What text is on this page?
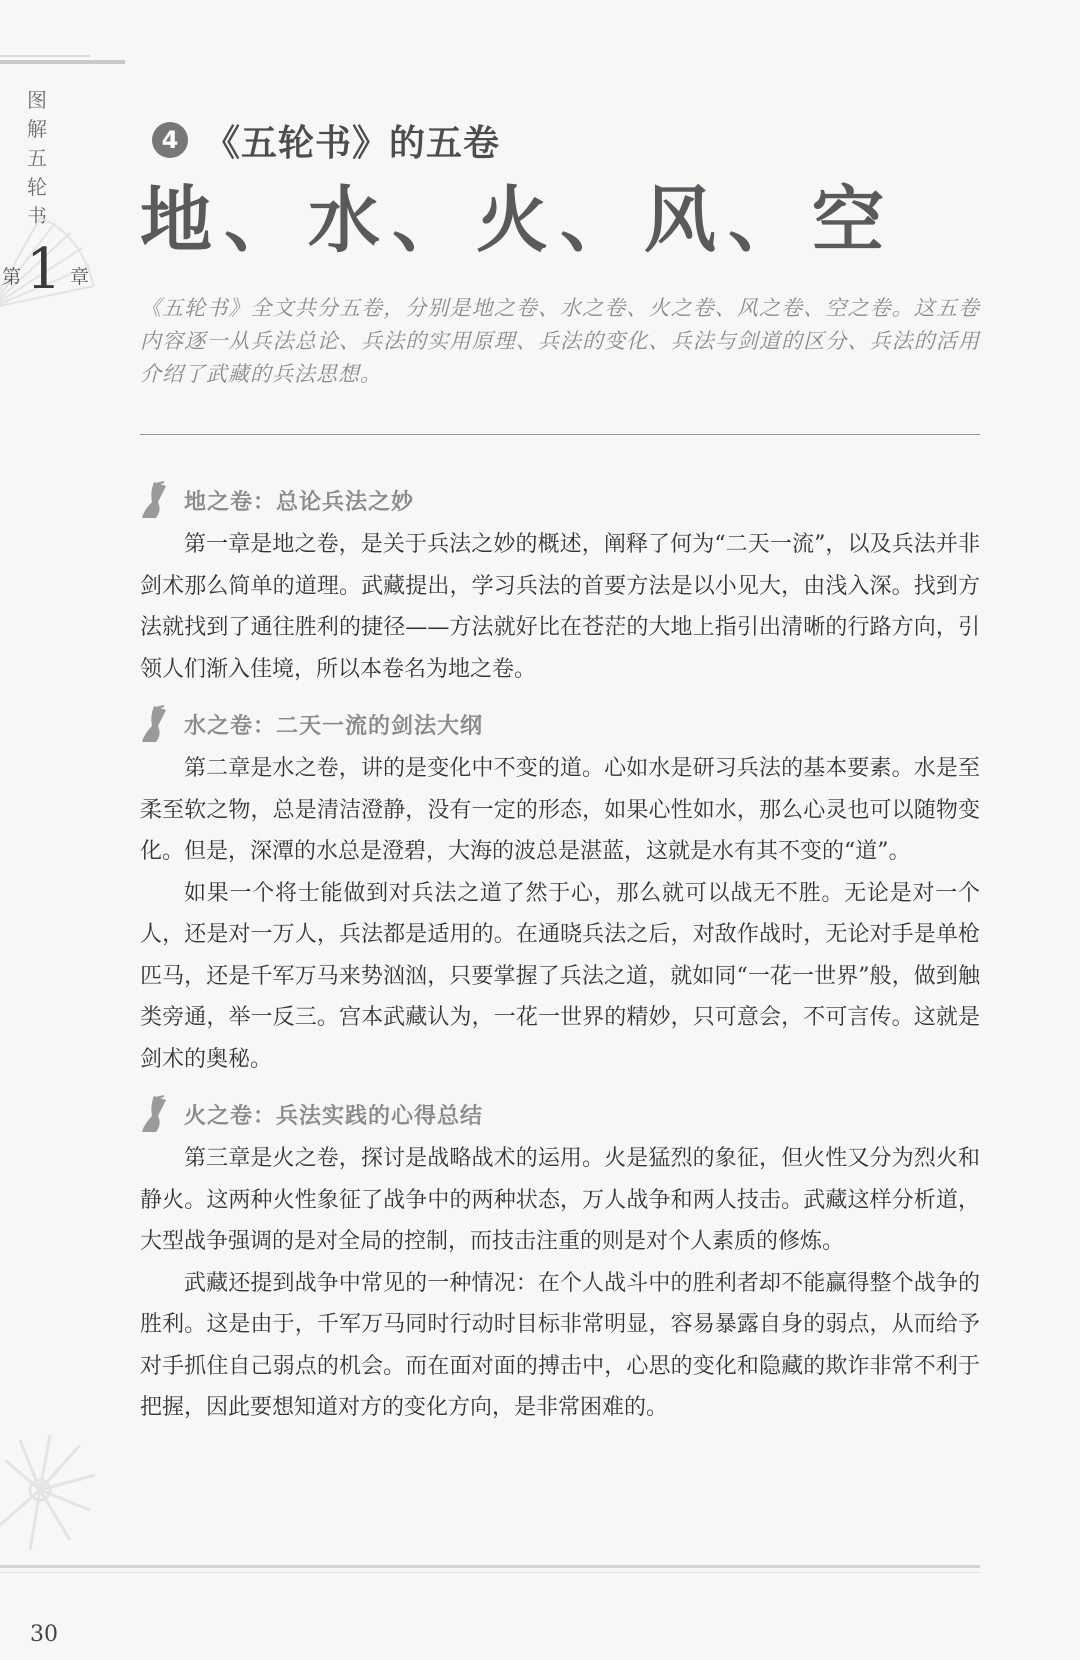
图
解
五
轮
书
第 1 章
4 《五轮书》的五卷
地、水、火、风、空

《五轮书》全文共分五卷，分别是地之卷、水之卷、火之卷、风之卷、空之卷。这五卷内容逐一从兵法总论、兵法的实用原理、兵法的变化、兵法与剑道的区分、兵法的活用介绍了武藏的兵法思想。

地之卷：总论兵法之妙

第一章是地之卷，是关于兵法之妙的概述，阐释了何为“二天一流”，以及兵法并非剑术那么简单的道理。武藏提出，学习兵法的首要方法是以小见大，由浅入深。找到方法就找到了通往胜利的捷径——方法就好比在苍茫的大地上指引出清晰的行路方向，引领人们渐入佳境，所以本卷名为地之卷。

水之卷：二天一流的剑法大纲

第二章是水之卷，讲的是变化中不变的道。心如水是研习兵法的基本要素。水是至柔至软之物，总是清洁澄静，没有一定的形态，如果心性如水，那么心灵也可以随物变化。但是，深潭的水总是澄碧，大海的波总是湛蓝，这就是水有其不变的“道”。

如果一个将士能做到对兵法之道了然于心，那么就可以战无不胜。无论是对一个人，还是对一万人，兵法都是适用的。在通晓兵法之后，对敌作战时，无论对手是单枪匹马，还是千军万马来势汹汹，只要掌握了兵法之道，就如同“一花一世界”般，做到触类旁通，举一反三。宫本武藏认为，一花一世界的精妙，只可意会，不可言传。这就是剑术的奥秘。

火之卷：兵法实践的心得总结

第三章是火之卷，探讨是战略战术的运用。火是猛烈的象征，但火性又分为烈火和静火。这两种火性象征了战争中的两种状态，万人战争和两人技击。武藏这样分析道，大型战争强调的是对全局的控制，而技击注重的则是对个人素质的修炼。

武藏还提到战争中常见的一种情况：在个人战斗中的胜利者却不能赢得整个战争的胜利。这是由于，千军万马同时行动时目标非常明显，容易暴露自身的弱点，从而给予对手抓住自己弱点的机会。而在面对面的搏击中，心思的变化和隐藏的欺诈非常不利于把握，因此要想知道对方的变化方向，是非常困难的。

30
